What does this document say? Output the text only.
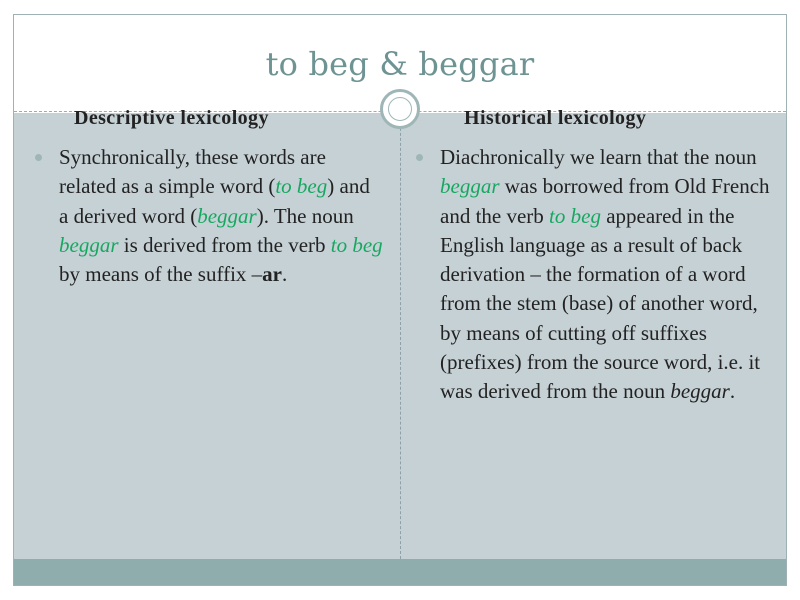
to beg & beggar
Descriptive lexicology	Historical lexicology
Synchronically, these words are related as a simple word (to beg) and a derived word (beggar). The noun beggar is derived from the verb to beg by means of the suffix –ar.
Diachronically we learn that the noun beggar was borrowed from Old French and the verb to beg appeared in the English language as a result of back derivation – the formation of a word from the stem (base) of another word, by means of cutting off suffixes (prefixes) from the source word, i.e. it was derived from the noun beggar.
